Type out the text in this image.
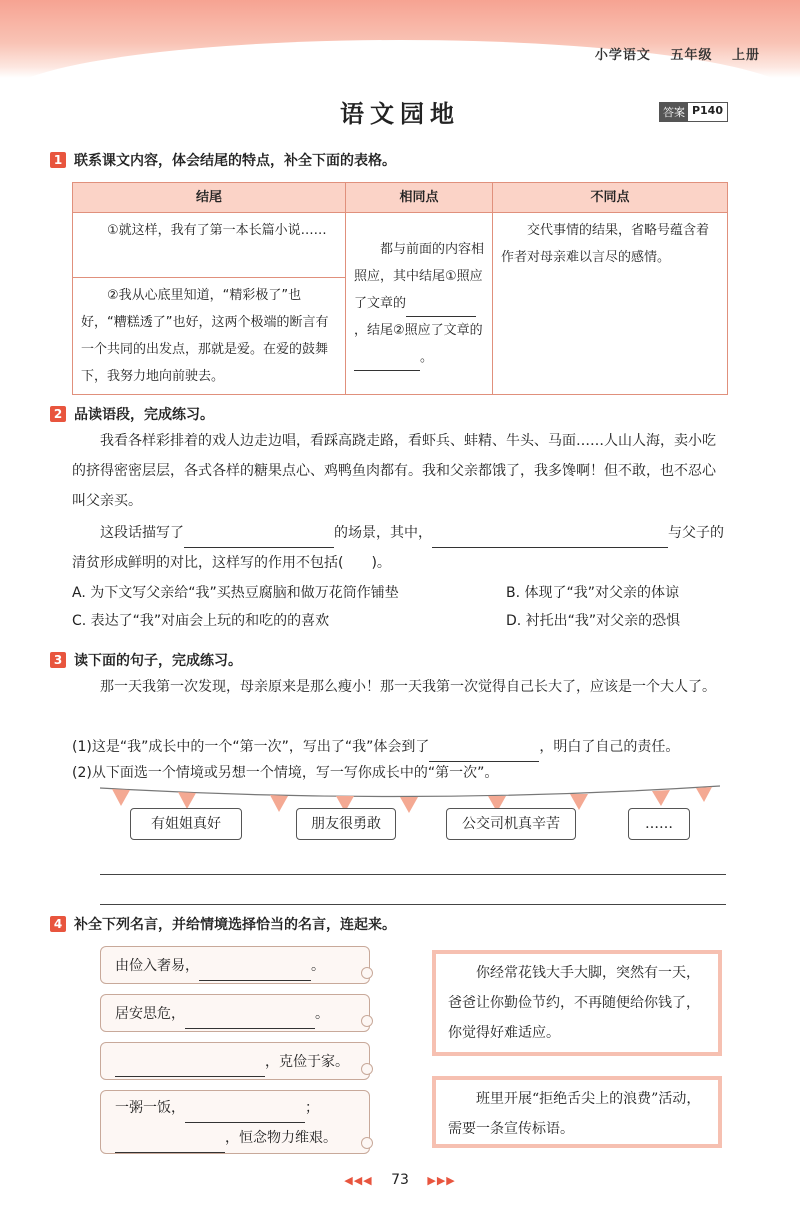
小学语文 五年级 上册
语文园地	答案 P140
1 联系课文内容，体会结尾的特点，补全下面的表格。
结尾	相同点	不同点
①就这样，我有了第一本长篇小说……	都与前面的内容相照应，其中结尾①照应了文章的，结尾②照应了文章的。	交代事情的结果，省略号蕴含着作者对母亲难以言尽的感情。
②我从心底里知道，“精彩极了”也好，“糟糕透了”也好，这两个极端的断言有一个共同的出发点，那就是爱。在爱的鼓舞下，我努力地向前驶去。		
2 品读语段，完成练习。
我看各样彩排着的戏人边走边唱，看踩高跷走路，看虾兵、蚌精、牛头、马面……人山人海，卖小吃的挤得密密层层，各式各样的糖果点心、鸡鸭鱼肉都有。我和父亲都饿了，我多馋啊！但不敢，也不忍心叫父亲买。
这段话描写了	的场景，其中，	与父子的清贫形成鲜明的对比，这样写的作用不包括(　　)。
A. 为下文写父亲给“我”买热豆腐脑和做万花筒作铺垫	B. 体现了“我”对父亲的体谅
C. 表达了“我”对庙会上玩的和吃的的喜欢	D. 衬托出“我”对父亲的恐惧
3 读下面的句子，完成练习。
那一天我第一次发现，母亲原来是那么瘦小！那一天我第一次觉得自己长大了，应该是一个大人了。
(1)这是“我”成长中的一个“第一次”，写出了“我”体会到了	，明白了自己的责任。
(2)从下面选一个情境或另想一个情境，写一写你成长中的“第一次”。
有姐姐真好	朋友很勇敢	公交司机真辛苦	……
4 补全下列名言，并给情境选择恰当的名言，连起来。
由俭入奢易，	。
居安思危，	。
，克俭于家。
一粥一饭，	；
，恒念物力维艰。
你经常花钱大手大脚，突然有一天，爸爸让你勤俭节约，不再随便给你钱了，你觉得好难适应。
班里开展“拒绝舌尖上的浪费”活动，需要一条宣传标语。
◀◀◀ 73 ▶▶▶
